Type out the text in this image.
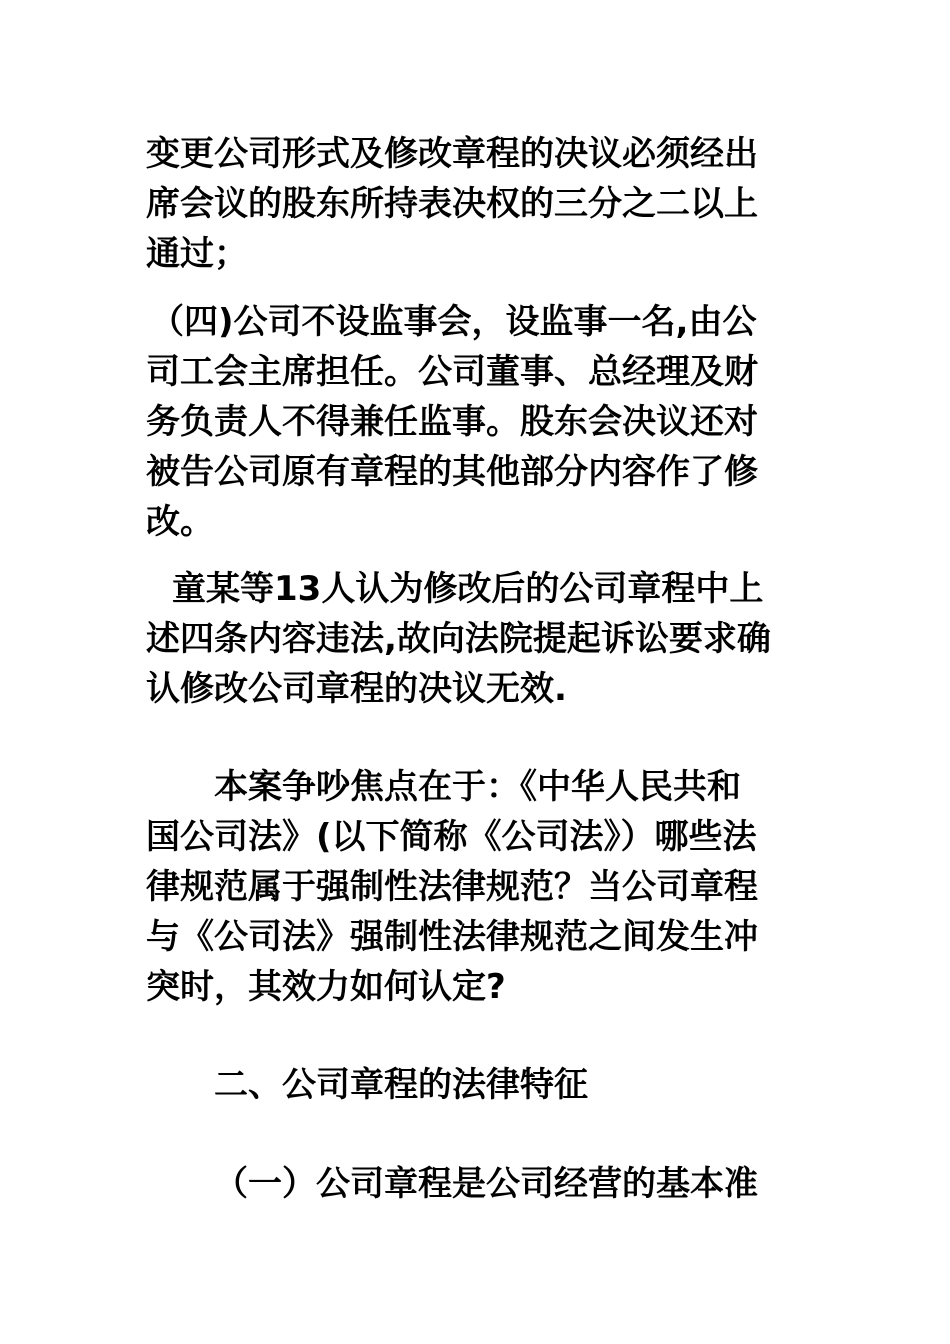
变更公司形式及修改章程的决议必须经出
席会议的股东所持表决权的三分之二以上
通过；
（四)公司不设监事会，设监事一名,由公
司工会主席担任。公司董事、总经理及财
务负责人不得兼任监事。股东会决议还对
被告公司原有章程的其他部分内容作了修
改。
童某等13人认为修改后的公司章程中上
述四条内容违法,故向法院提起诉讼要求确
认修改公司章程的决议无效.
本案争吵焦点在于：《中华人民共和
国公司法》(以下简称《公司法》）哪些法
律规范属于强制性法律规范？当公司章程
与《公司法》强制性法律规范之间发生冲
突时，其效力如何认定?
二、公司章程的法律特征
（一）公司章程是公司经营的基本准
